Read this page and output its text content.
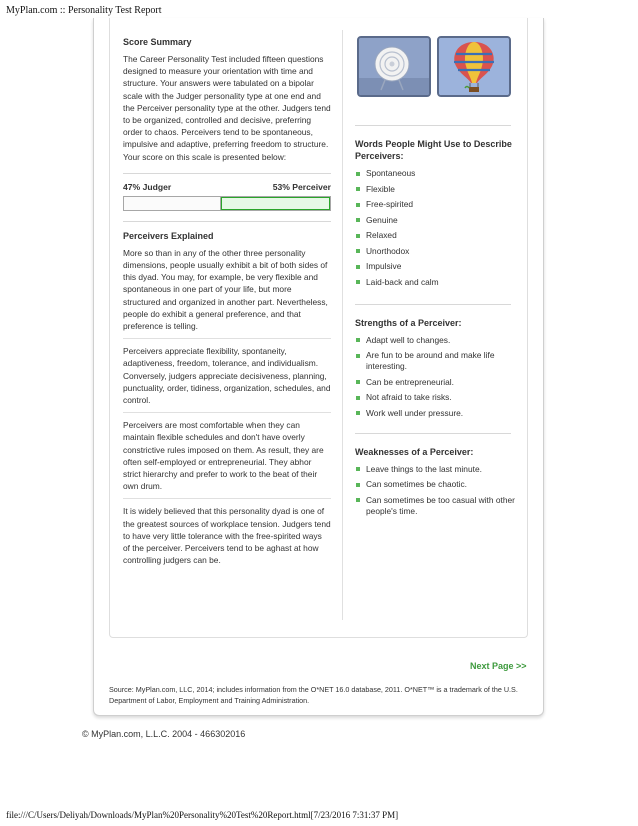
MyPlan.com :: Personality Test Report
Score Summary

The Career Personality Test included fifteen questions designed to measure your orientation with time and structure. Your answers were tabulated on a bipolar scale with the Judger personality type at one end and the Perceiver personality type at the other. Judgers tend to be organized, controlled and decisive, preferring order to chaos. Perceivers tend to be spontaneous, impulsive and adaptive, preferring freedom to structure. Your score on this scale is presented below:

47% Judger	53% Perceiver
Perceivers Explained

More so than in any of the other three personality dimensions, people usually exhibit a bit of both sides of this dyad. You may, for example, be very flexible and spontaneous in one part of your life, but more structured and organized in another part. Nevertheless, people do exhibit a general preference, and that preference is telling.

Perceivers appreciate flexibility, spontaneity, adaptiveness, freedom, tolerance, and individualism. Conversely, judgers appreciate decisiveness, planning, punctuality, order, tidiness, organization, schedules, and control.

Perceivers are most comfortable when they can maintain flexible schedules and don't have overly constrictive rules imposed on them. As result, they are often self-employed or entrepreneurial. They abhor strict hierarchy and prefer to work to the beat of their own drum.

It is widely believed that this personality dyad is one of the greatest sources of workplace tension. Judgers tend to have very little tolerance with the free-spirited ways of the perceiver. Perceivers tend to be aghast at how controlling judgers can be.

Words People Might Use to Describe Perceivers:
Spontaneous
Flexible
Free-spirited
Genuine
Relaxed
Unorthodox
Impulsive
Laid-back and calm
Strengths of a Perceiver:
Adapt well to changes.
Are fun to be around and make life interesting.
Can be entrepreneurial.
Not afraid to take risks.
Work well under pressure.
Weaknesses of a Perceiver:
Leave things to the last minute.
Can sometimes be chaotic.
Can sometimes be too casual with other people's time.
Next Page >>
Source: MyPlan.com, LLC, 2014; includes information from the O*NET 16.0 database, 2011. O*NET™ is a trademark of the U.S. Department of Labor, Employment and Training Administration.
© MyPlan.com, L.L.C. 2004 - 466302016
file:///C/Users/Deliyah/Downloads/MyPlan%20Personality%20Test%20Report.html[7/23/2016 7:31:37 PM]
